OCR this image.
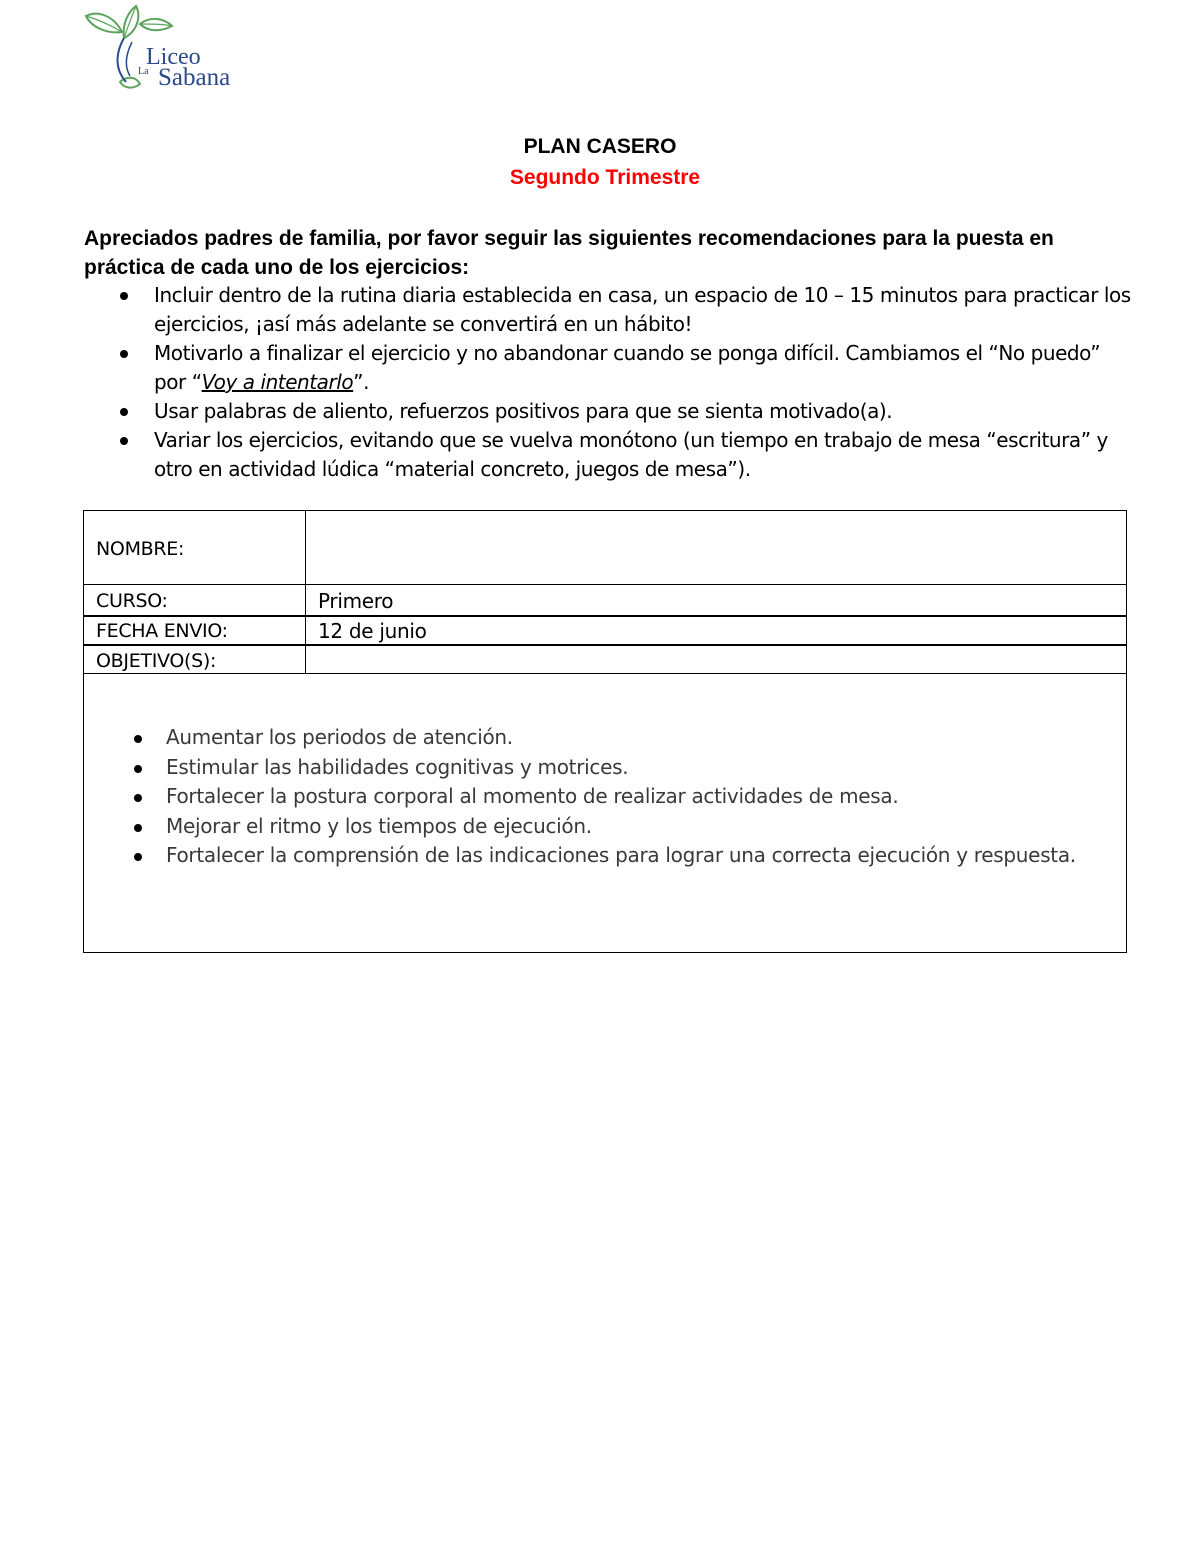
Liceo
La Sabana
PLAN CASERO
Segundo Trimestre

Apreciados padres de familia, por favor seguir las siguientes recomendaciones para la puesta en práctica de cada uno de los ejercicios:

Incluir dentro de la rutina diaria establecida en casa, un espacio de 10 – 15 minutos para practicar los ejercicios, ¡así más adelante se convertirá en un hábito!
Motivarlo a finalizar el ejercicio y no abandonar cuando se ponga difícil. Cambiamos el “No puedo” por “Voy a intentarlo”.
Usar palabras de aliento, refuerzos positivos para que se sienta motivado(a).
Variar los ejercicios, evitando que se vuelva monótono (un tiempo en trabajo de mesa “escritura” y otro en actividad lúdica “material concreto, juegos de mesa”).
NOMBRE:
CURSO:	Primero
FECHA ENVIO:	12 de junio
OBJETIVO(S):
Aumentar los periodos de atención.
Estimular las habilidades cognitivas y motrices.
Fortalecer la postura corporal al momento de realizar actividades de mesa.
Mejorar el ritmo y los tiempos de ejecución.
Fortalecer la comprensión de las indicaciones para lograr una correcta ejecución y respuesta.
